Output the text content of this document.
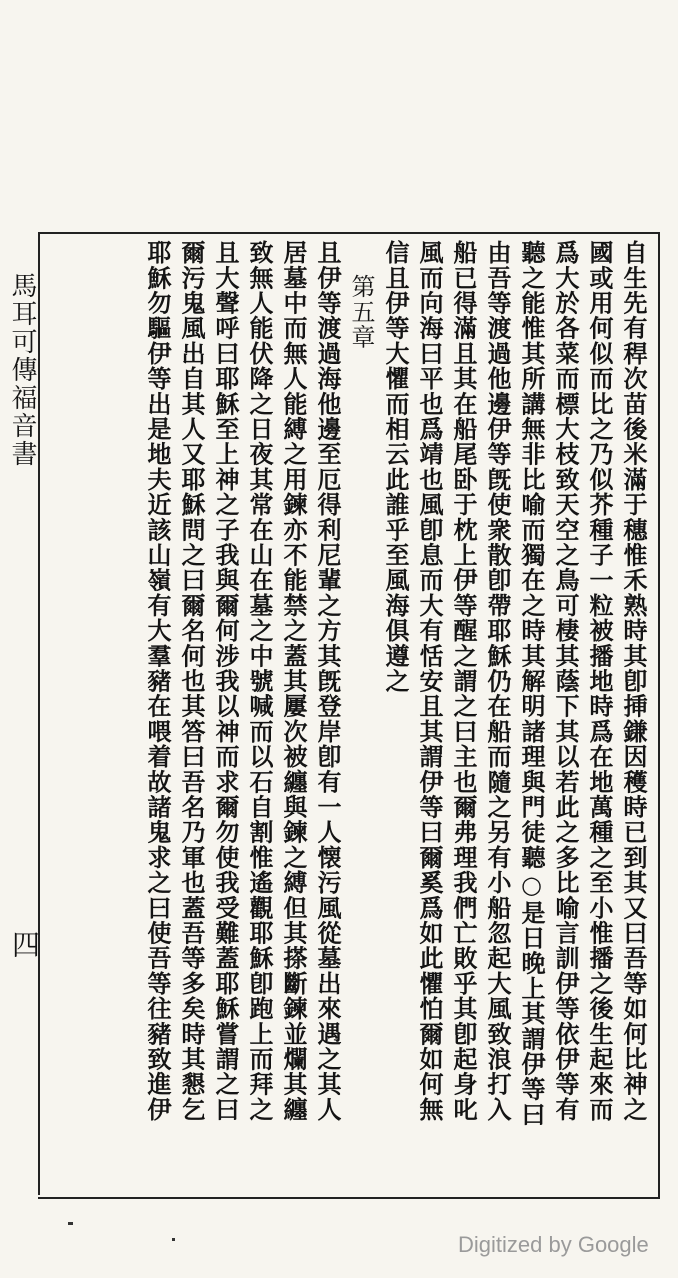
馬耳可傳福音書
四	自生先有稈次苗後米滿于穗惟禾熟時其卽挿鎌因穫時已到其又曰吾等如何比神之
國或用何似而比之乃似芥種子一粒被播地時爲在地萬種之至小惟播之後生起來而
爲大於各菜而標大枝致天空之鳥可棲其蔭下其以若此之多比喻言訓伊等依伊等有
聽之能惟其所講無非比喻而獨在之時其解明諸理與門徒聽○是日晚上其謂伊等曰
由吾等渡過他邊伊等旣使衆散卽帶耶穌仍在船而隨之另有小船忽起大風致浪打入
船已得滿且其在船尾卧于枕上伊等醒之謂之曰主也爾弗理我們亡敗乎其卽起身叱
風而向海曰平也爲靖也風卽息而大有恬安且其謂伊等曰爾奚爲如此懼怕爾如何無
信且伊等大懼而相云此誰乎至風海俱遵之
第五章
且伊等渡過海他邊至厄得利尼輩之方其旣登岸卽有一人懐污風從墓出來遇之其人
居墓中而無人能縛之用鍊亦不能禁之蓋其屢次被纏與鍊之縛但其搽斷鍊並爛其纏
致無人能伏降之日夜其常在山在墓之中號喊而以石自割惟遙觀耶穌卽跑上而拜之
且大聲呼曰耶穌至上神之子我與爾何涉我以神而求爾勿使我受難蓋耶穌嘗謂之曰
爾污鬼風出自其人又耶穌問之曰爾名何也其答曰吾名乃軍也蓋吾等多矣時其懇乞
耶穌勿驅伊等出是地夫近該山嶺有大羣豬在喂着故諸鬼求之曰使吾等往豬致進伊
Digitized by Google
